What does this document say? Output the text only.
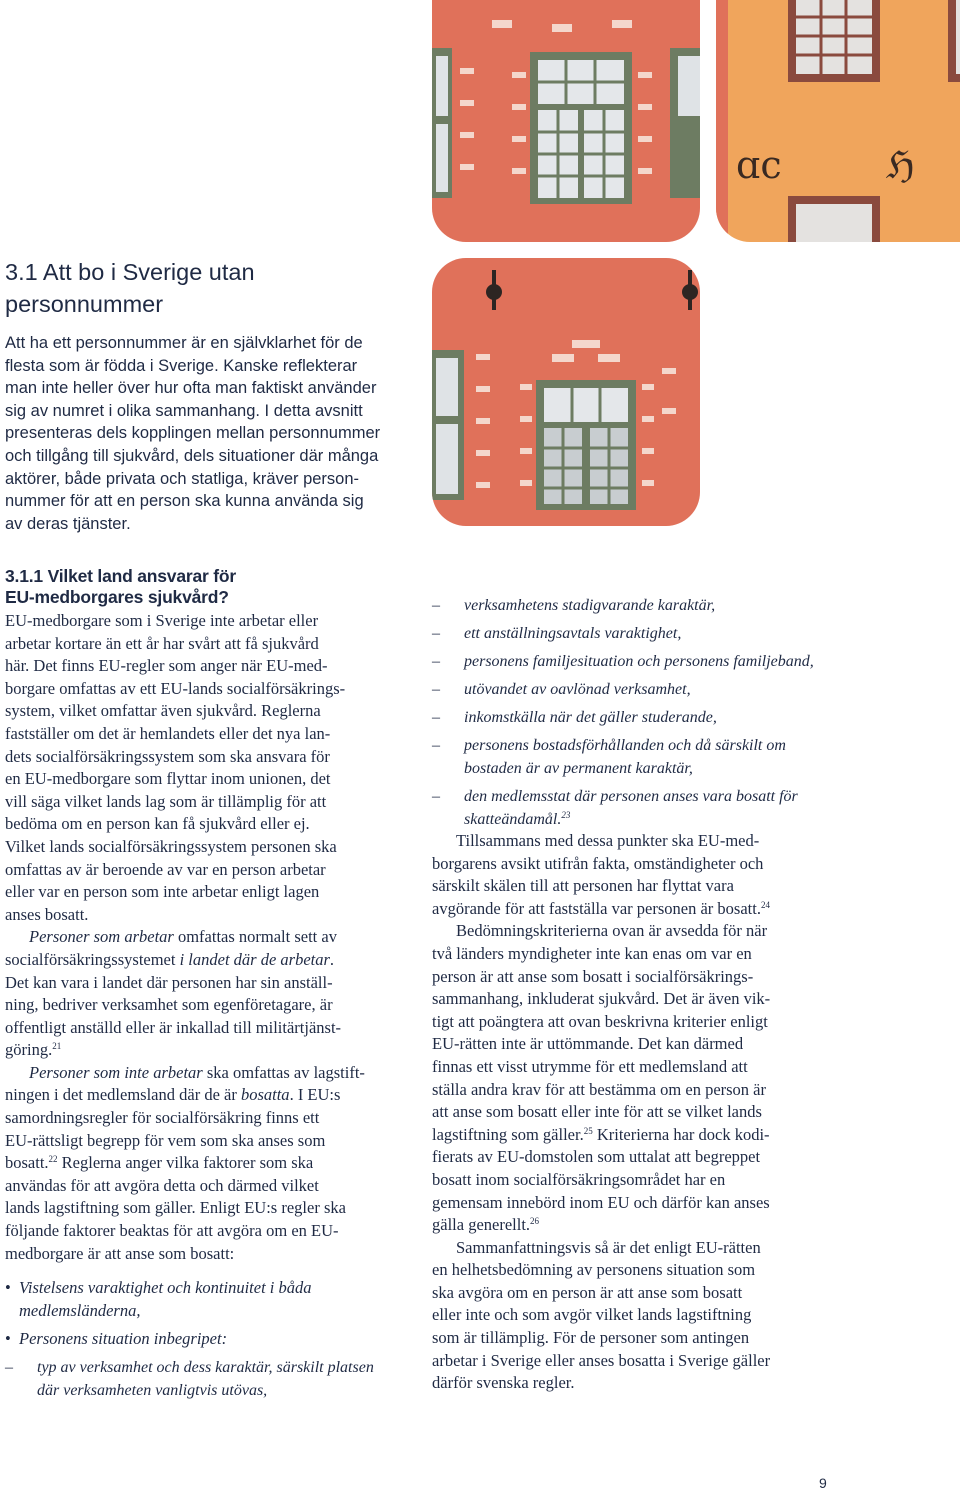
ɑc	ℌ
3.1 Att bo i Sverige utan
personnummer

Att ha ett personnummer är en självklarhet för de
flesta som är födda i Sverige. Kanske reflekterar
man inte heller över hur ofta man faktiskt använder
sig av numret i olika sammanhang. I detta avsnitt
presenteras dels kopplingen mellan personnummer
och tillgång till sjukvård, dels situationer där många
aktörer, både privata och statliga, kräver person-
nummer för att en person ska kunna använda sig
av deras tjänster.

3.1.1 Vilket land ansvarar för
EU-medborgares sjukvård?
EU-medborgare som i Sverige inte arbetar eller
arbetar kortare än ett år har svårt att få sjukvård
här. Det finns EU-regler som anger när EU-med-
borgare omfattas av ett EU-lands socialförsäkrings-
system, vilket omfattar även sjukvård. Reglerna
fastställer om det är hemlandets eller det nya lan-
dets socialförsäkringssystem som ska ansvara för
en EU-medborgare som flyttar inom unionen, det
vill säga vilket lands lag som är tillämplig för att
bedöma om en person kan få sjukvård eller ej.
Vilket lands socialförsäkringssystem personen ska
omfattas av är beroende av var en person arbetar
eller var en person som inte arbetar enligt lagen
anses bosatt.
Personer som arbetar omfattas normalt sett av
socialförsäkringssystemet i landet där de arbetar.
Det kan vara i landet där personen har sin anställ-
ning, bedriver verksamhet som egenföretagare, är
offentligt anställd eller är inkallad till militärtjänst-
göring.$^{21}$
Personer som inte arbetar ska omfattas av lagstift-
ningen i det medlemsland där de är bosatta. I EU:s
samordningsregler för socialförsäkring finns ett
EU-rättsligt begrepp för vem som ska anses som
bosatt.$^{22}$ Reglerna anger vilka faktorer som ska
användas för att avgöra detta och därmed vilket
lands lagstiftning som gäller. Enligt EU:s regler ska
följande faktorer beaktas för att avgöra om en EU-
medborgare är att anse som bosatt:
• Vistelsens varaktighet och kontinuitet i båda
medlemsländerna,
• Personens situation inbegripet:
– typ av verksamhet och dess karaktär, särskilt platsen
där verksamheten vanligtvis utövas,
– verksamhetens stadigvarande karaktär,
– ett anställningsavtals varaktighet,
– personens familjesituation och personens familjeband,
– utövandet av oavlönad verksamhet,
– inkomstkälla när det gäller studerande,
– personens bostadsförhållanden och då särskilt om
bostaden är av permanent karaktär,
– den medlemsstat där personen anses vara bosatt för
skatteändamål.$^{23}$
Tillsammans med dessa punkter ska EU-med-
borgarens avsikt utifrån fakta, omständigheter och
särskilt skälen till att personen har flyttat vara
avgörande för att fastställa var personen är bosatt.$^{24}$
Bedömningskriterierna ovan är avsedda för när
två länders myndigheter inte kan enas om var en
person är att anse som bosatt i socialförsäkrings-
sammanhang, inkluderat sjukvård. Det är även vik-
tigt att poängtera att ovan beskrivna kriterier enligt
EU-rätten inte är uttömmande. Det kan därmed
finnas ett visst utrymme för ett medlemsland att
ställa andra krav för att bestämma om en person är
att anse som bosatt eller inte för att se vilket lands
lagstiftning som gäller.$^{25}$ Kriterierna har dock kodi-
fierats av EU-domstolen som uttalat att begreppet
bosatt inom socialförsäkringsområdet har en
gemensam innebörd inom EU och därför kan anses
gälla generellt.$^{26}$
Sammanfattningsvis så är det enligt EU-rätten
en helhetsbedömning av personens situation som
ska avgöra om en person är att anse som bosatt
eller inte och som avgör vilket lands lagstiftning
som är tillämplig. För de personer som antingen
arbetar i Sverige eller anses bosatta i Sverige gäller
därför svenska regler.
9
